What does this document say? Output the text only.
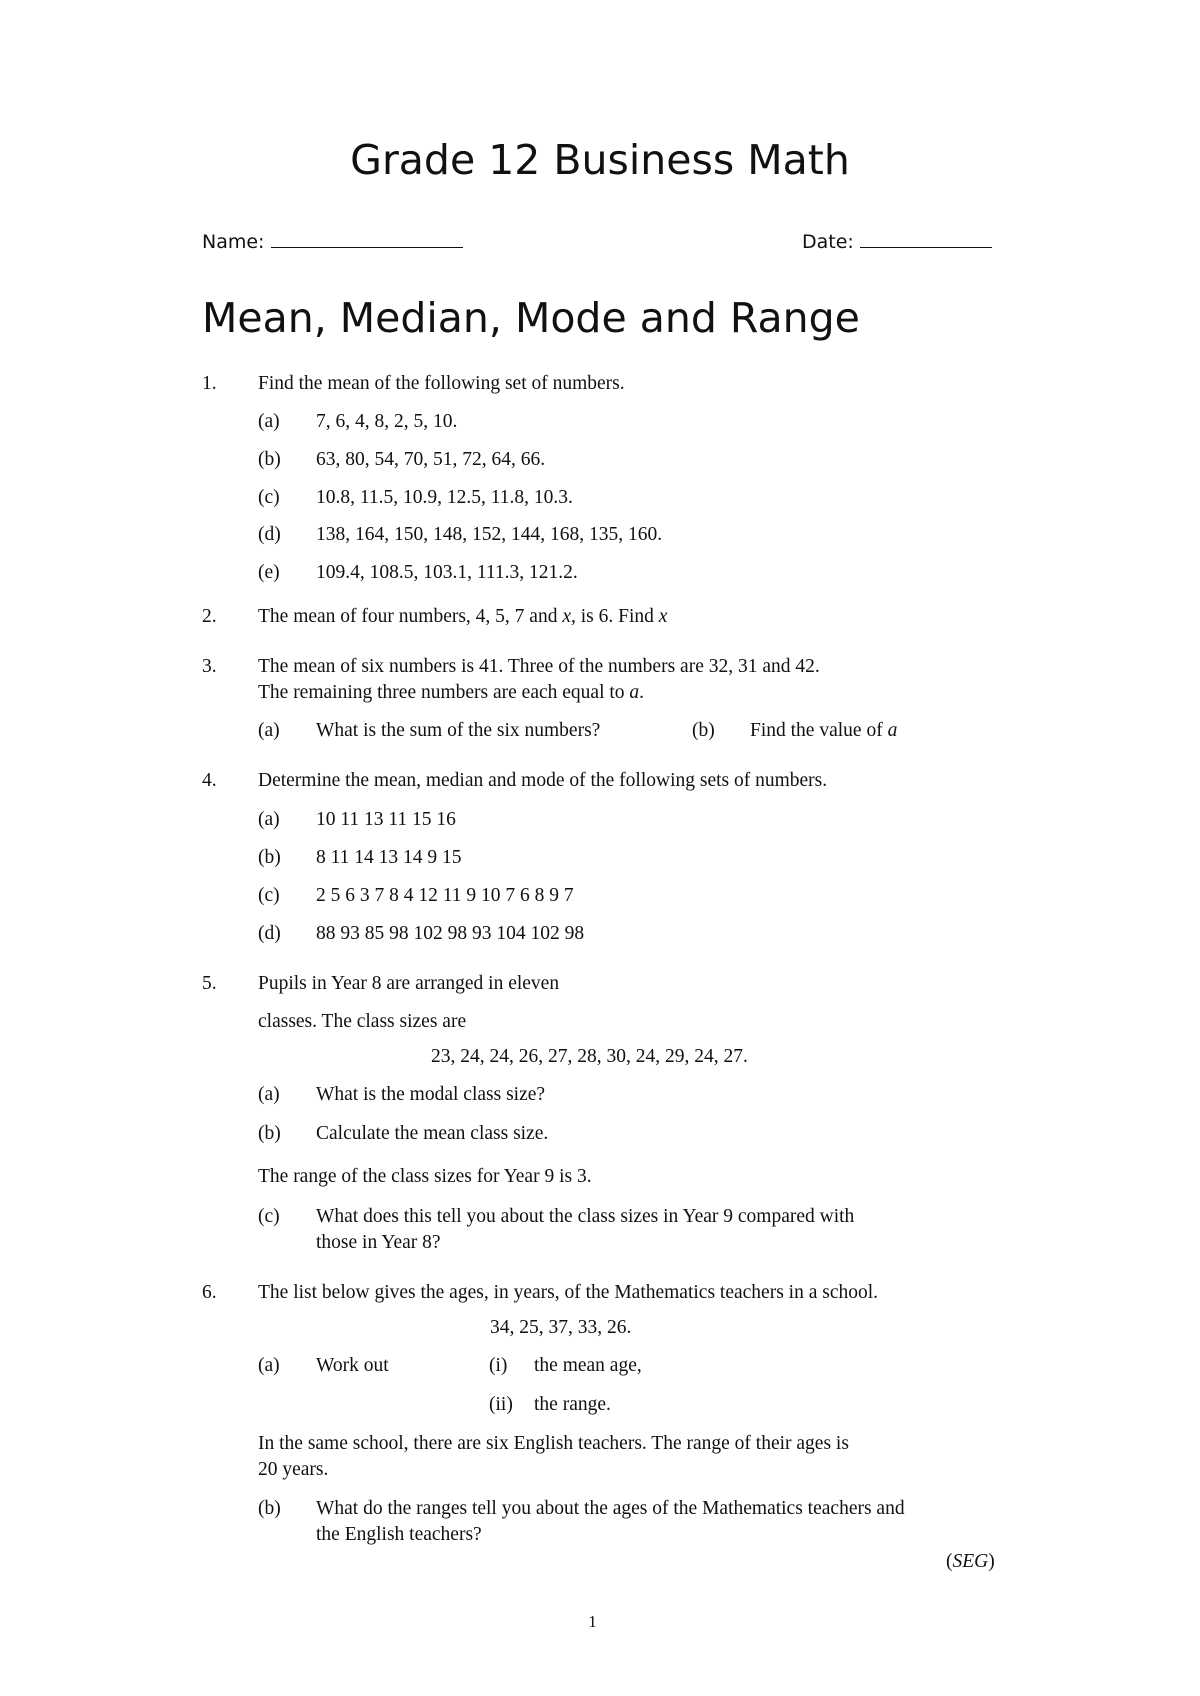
Grade 12 Business Math
Name:	Date:
Mean, Median, Mode and Range
1. Find the mean of the following set of numbers.
(a) 7, 6, 4, 8, 2, 5, 10.
(b) 63, 80, 54, 70, 51, 72, 64, 66.
(c) 10.8, 11.5, 10.9, 12.5, 11.8, 10.3.
(d) 138, 164, 150, 148, 152, 144, 168, 135, 160.
(e) 109.4, 108.5, 103.1, 111.3, 121.2.
2. The mean of four numbers, 4, 5, 7 and x, is 6. Find x
3. The mean of six numbers is 41. Three of the numbers are 32, 31 and 42.
The remaining three numbers are each equal to a.
(a) What is the sum of the six numbers?	(b) Find the value of a
4. Determine the mean, median and mode of the following sets of numbers.
(a) 10 11 13 11 15 16
(b) 8 11 14 13 14 9 15
(c) 2 5 6 3 7 8 4 12 11 9 10 7 6 8 9 7
(d) 88 93 85 98 102 98 93 104 102 98
5. Pupils in Year 8 are arranged in eleven
classes. The class sizes are
23, 24, 24, 26, 27, 28, 30, 24, 29, 24, 27.
(a) What is the modal class size?
(b) Calculate the mean class size.
The range of the class sizes for Year 9 is 3.
(c) What does this tell you about the class sizes in Year 9 compared with
those in Year 8?
6. The list below gives the ages, in years, of the Mathematics teachers in a school.
34, 25, 37, 33, 26.
(a) Work out	(i) the mean age,
(ii) the range.
In the same school, there are six English teachers. The range of their ages is
20 years.
(b) What do the ranges tell you about the ages of the Mathematics teachers and
the English teachers?
(SEG)
1
